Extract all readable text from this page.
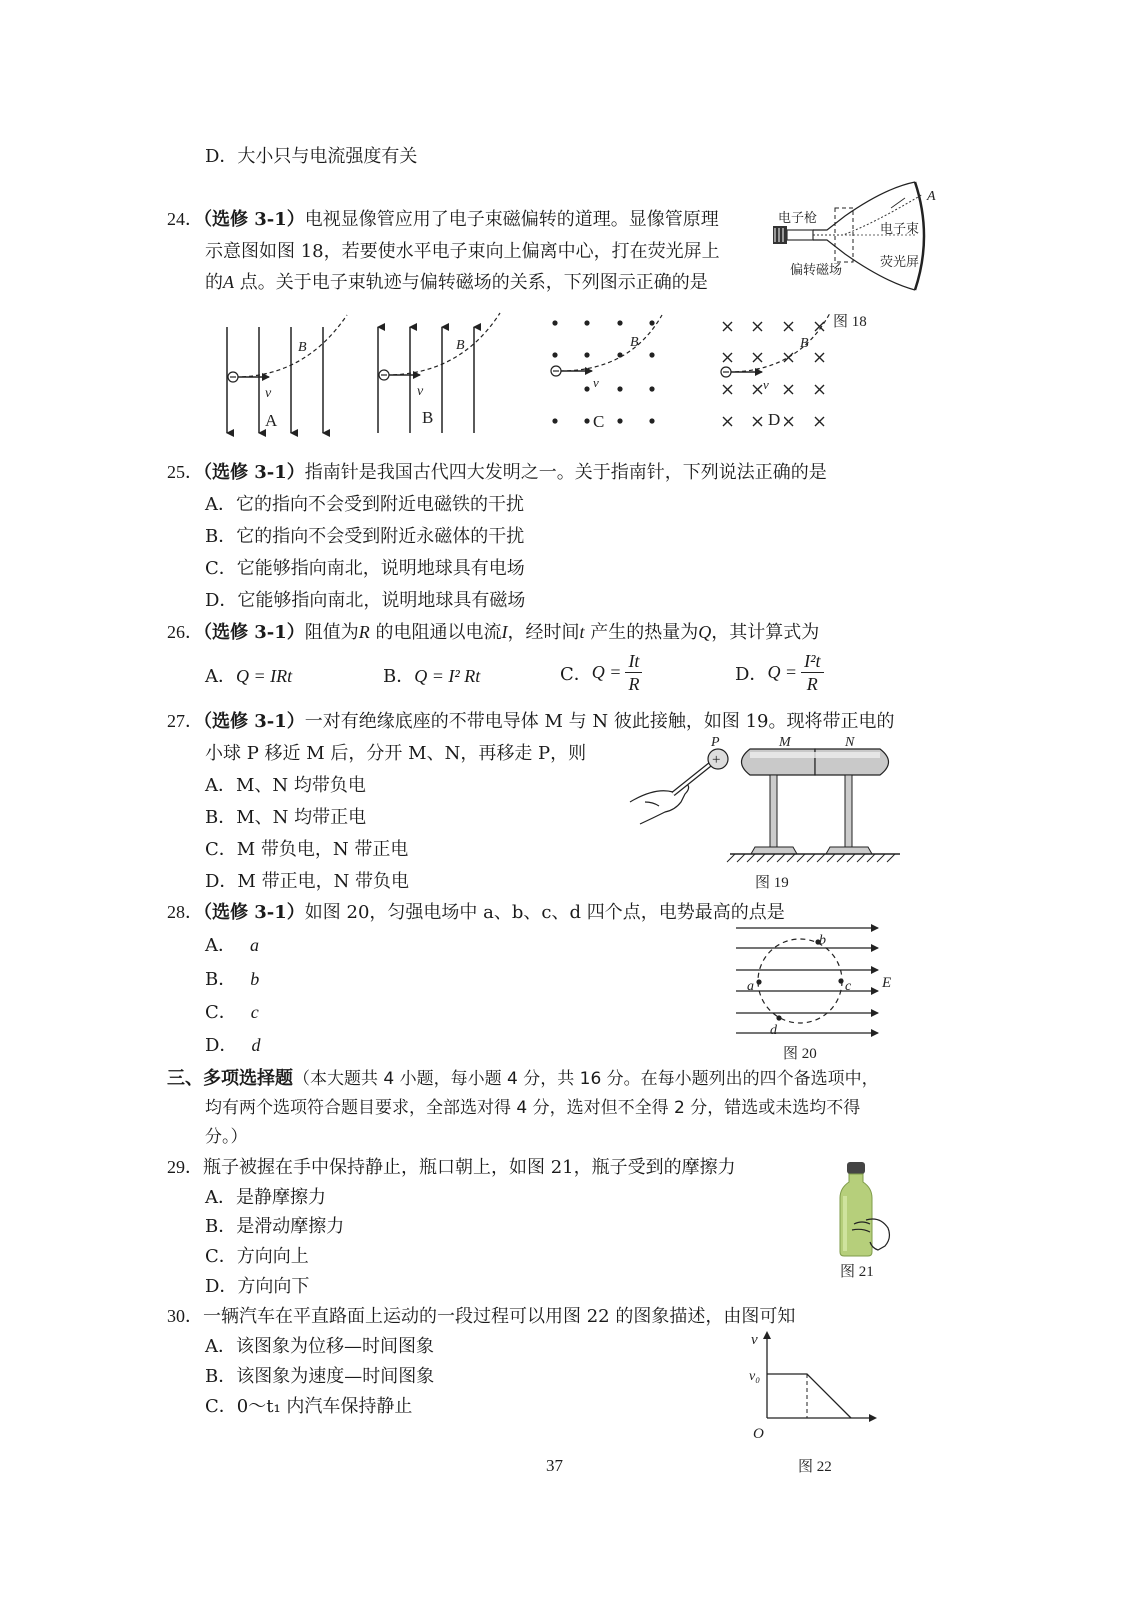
D．大小只与电流强度有关
24．（选修 3-1）电视显像管应用了电子束磁偏转的道理。显像管原理
示意图如图 18，若要使水平电子束向上偏离中心，打在荧光屏上
的A 点。关于电子束轨迹与偏转磁场的关系，下列图示正确的是
电子枪
电子束
偏转磁场
荧光屏
A
图 18
v
B
A
v
B
B
v
B
C
v
B
D
25．（选修 3-1）指南针是我国古代四大发明之一。关于指南针，下列说法正确的是
A．它的指向不会受到附近电磁铁的干扰
B．它的指向不会受到附近永磁体的干扰
C．它能够指向南北，说明地球具有电场
D．它能够指向南北，说明地球具有磁场
26．（选修 3-1）阻值为R 的电阻通以电流I，经时间t 产生的热量为Q，其计算式为
A．Q = IRt	B．Q = I² Rt	C． $Q = \frac{It}{R}$	D． $Q = \frac{\text{I²t}}{R}$
27．（选修 3-1）一对有绝缘底座的不带电导体 M 与 N 彼此接触，如图 19。现将带正电的
小球 P 移近 M 后，分开 M、N，再移走 P，则
A．M、N 均带负电
B．M、N 均带正电
C．M 带负电，N 带正电
D．M 带正电，N 带负电
+
P	M	N
图 19
28．（选修 3-1）如图 20，匀强电场中 a、b、c、d 四个点，电势最高的点是
A． a
B． b
C． c
D． d
b
a	c
d
E
图 20
三、多项选择题（本大题共 4 小题，每小题 4 分，共 16 分。在每小题列出的四个备选项中，
均有两个选项符合题目要求，全部选对得 4 分，选对但不全得 2 分，错选或未选均不得
分。）
29．瓶子被握在手中保持静止，瓶口朝上，如图 21，瓶子受到的摩擦力
A．是静摩擦力
B．是滑动摩擦力
C．方向向上
D．方向向下
图 21
30．一辆汽车在平直路面上运动的一段过程可以用图 22 的图象描述，由图可知
A．该图象为位移—时间图象
B．该图象为速度—时间图象
C．0～t₁ 内汽车保持静止
v
v₀
O
图 22
37
